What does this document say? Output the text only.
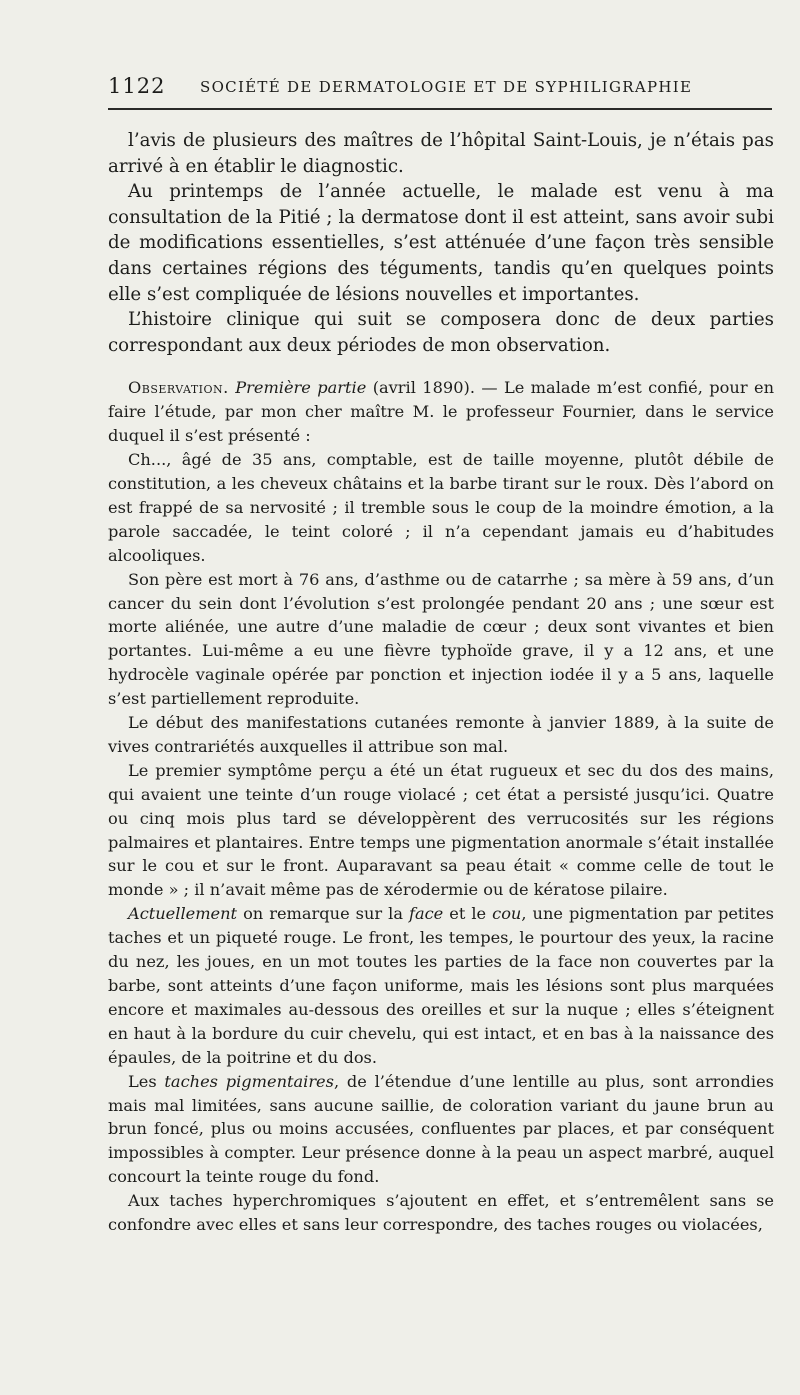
1122 SOCIÉTÉ DE DERMATOLOGIE ET DE SYPHILIGRAPHIE

l’avis de plusieurs des maîtres de l’hôpital Saint-Louis, je n’étais pas arrivé à en établir le diagnostic.

Au printemps de l’année actuelle, le malade est venu à ma consultation de la Pitié ; la dermatose dont il est atteint, sans avoir subi de modifications essentielles, s’est atténuée d’une façon très sensible dans certaines régions des téguments, tandis qu’en quelques points elle s’est compliquée de lésions nouvelles et importantes.

L’histoire clinique qui suit se composera donc de deux parties correspondant aux deux périodes de mon observation.

Observation. Première partie (avril 1890). — Le malade m’est confié, pour en faire l’étude, par mon cher maître M. le professeur Fournier, dans le service duquel il s’est présenté :

Ch..., âgé de 35 ans, comptable, est de taille moyenne, plutôt débile de constitution, a les cheveux châtains et la barbe tirant sur le roux. Dès l’abord on est frappé de sa nervosité ; il tremble sous le coup de la moindre émotion, a la parole saccadée, le teint coloré ; il n’a cependant jamais eu d’habitudes alcooliques.

Son père est mort à 76 ans, d’asthme ou de catarrhe ; sa mère à 59 ans, d’un cancer du sein dont l’évolution s’est prolongée pendant 20 ans ; une sœur est morte aliénée, une autre d’une maladie de cœur ; deux sont vivantes et bien portantes. Lui-même a eu une fièvre typhoïde grave, il y a 12 ans, et une hydrocèle vaginale opérée par ponction et injection iodée il y a 5 ans, laquelle s’est partiellement reproduite.

Le début des manifestations cutanées remonte à janvier 1889, à la suite de vives contrariétés auxquelles il attribue son mal.

Le premier symptôme perçu a été un état rugueux et sec du dos des mains, qui avaient une teinte d’un rouge violacé ; cet état a persisté jusqu’ici. Quatre ou cinq mois plus tard se développèrent des verrucosités sur les régions palmaires et plantaires. Entre temps une pigmentation anormale s’était installée sur le cou et sur le front. Auparavant sa peau était « comme celle de tout le monde » ; il n’avait même pas de xérodermie ou de kératose pilaire.

Actuellement on remarque sur la face et le cou, une pigmentation par petites taches et un piqueté rouge. Le front, les tempes, le pourtour des yeux, la racine du nez, les joues, en un mot toutes les parties de la face non couvertes par la barbe, sont atteints d’une façon uniforme, mais les lésions sont plus marquées encore et maximales au-dessous des oreilles et sur la nuque ; elles s’éteignent en haut à la bordure du cuir chevelu, qui est intact, et en bas à la naissance des épaules, de la poitrine et du dos.

Les taches pigmentaires, de l’étendue d’une lentille au plus, sont arrondies mais mal limitées, sans aucune saillie, de coloration variant du jaune brun au brun foncé, plus ou moins accusées, confluentes par places, et par conséquent impossibles à compter. Leur présence donne à la peau un aspect marbré, auquel concourt la teinte rouge du fond.

Aux taches hyperchromiques s’ajoutent en effet, et s’entremêlent sans se confondre avec elles et sans leur correspondre, des taches rouges ou violacées,
